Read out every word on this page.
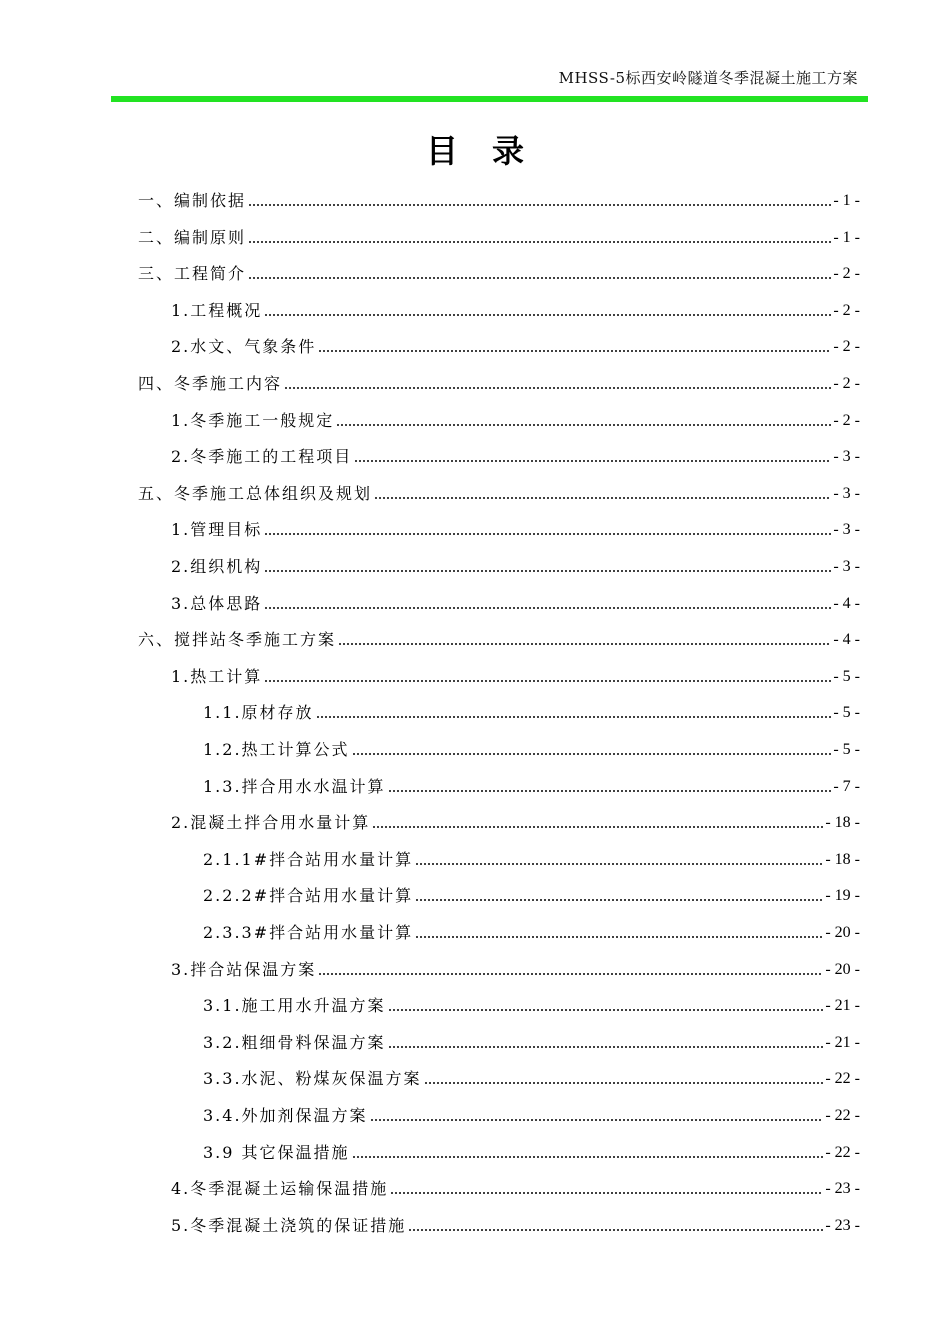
MHSS-5标西安岭隧道冬季混凝土施工方案
目录
一、编制依据	- 1 -
二、编制原则	- 1 -
三、工程简介	- 2 -
1.工程概况	- 2 -
2.水文、气象条件	- 2 -
四、冬季施工内容	- 2 -
1.冬季施工一般规定	- 2 -
2.冬季施工的工程项目	- 3 -
五、冬季施工总体组织及规划	- 3 -
1.管理目标	- 3 -
2.组织机构	- 3 -
3.总体思路	- 4 -
六、搅拌站冬季施工方案	- 4 -
1.热工计算	- 5 -
1.1.原材存放	- 5 -
1.2.热工计算公式	- 5 -
1.3.拌合用水水温计算	- 7 -
2.混凝土拌合用水量计算	- 18 -
2.1.1#拌合站用水量计算	- 18 -
2.2.2#拌合站用水量计算	- 19 -
2.3.3#拌合站用水量计算	- 20 -
3.拌合站保温方案	- 20 -
3.1.施工用水升温方案	- 21 -
3.2.粗细骨料保温方案	- 21 -
3.3.水泥、粉煤灰保温方案	- 22 -
3.4.外加剂保温方案	- 22 -
3.9 其它保温措施	- 22 -
4.冬季混凝土运输保温措施	- 23 -
5.冬季混凝土浇筑的保证措施	- 23 -
